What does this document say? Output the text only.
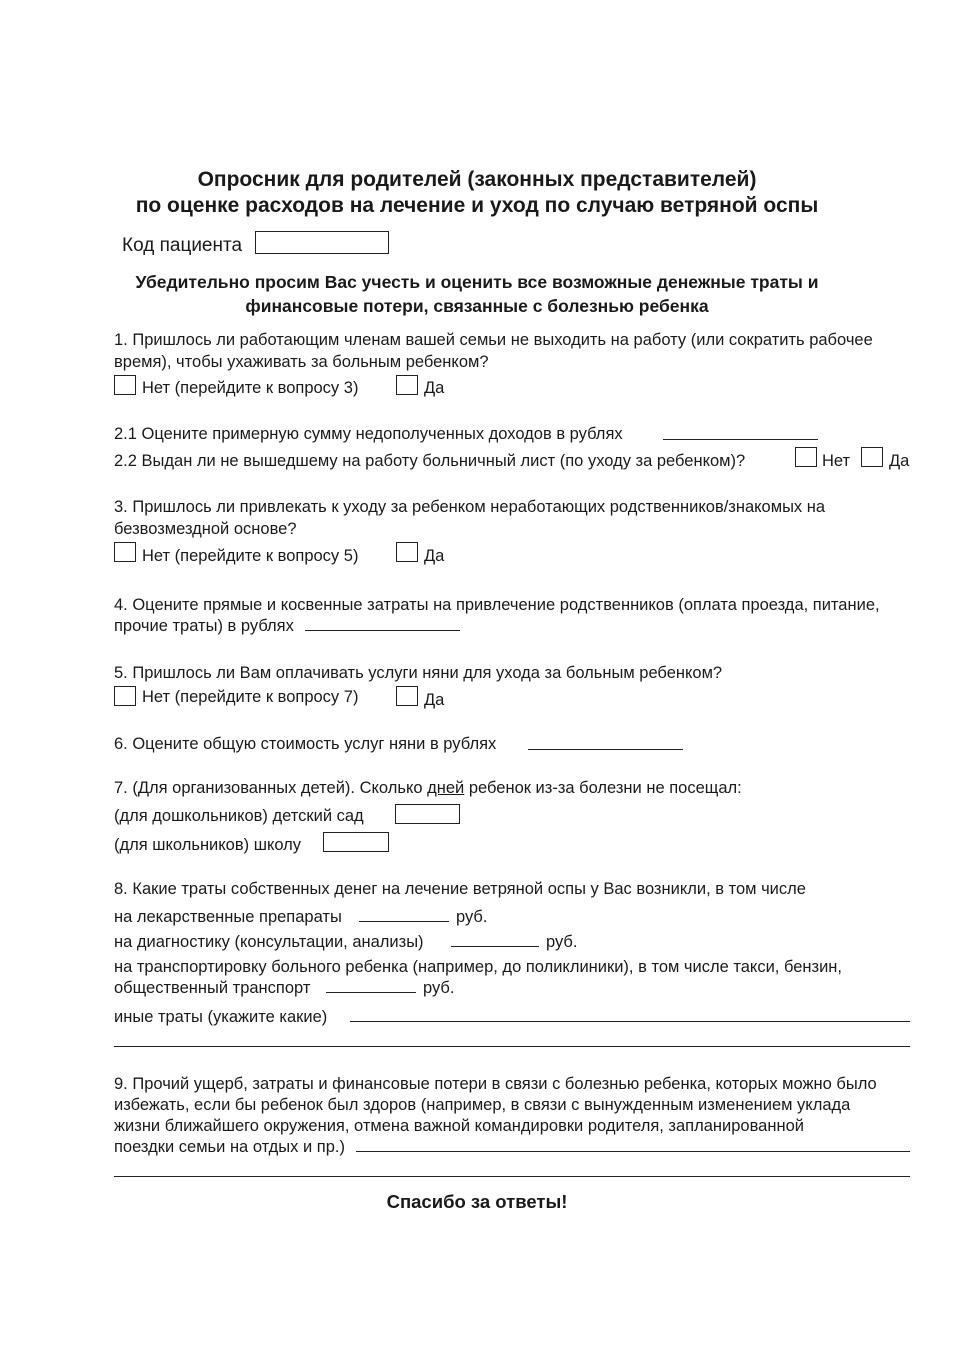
Опросник для родителей (законных представителей)
по оценке расходов на лечение и уход по случаю ветряной оспы
Код пациента
Убедительно просим Вас учесть и оценить все возможные денежные траты и
финансовые потери, связанные с болезнью ребенка
1. Пришлось ли работающим членам вашей семьи не выходить на работу (или сократить рабочее
время), чтобы ухаживать за больным ребенком?
Нет (перейдите к вопросу 3)	Да
2.1 Оцените примерную сумму недополученных доходов в рублях
2.2 Выдан ли не вышедшему на работу больничный лист (по уходу за ребенком)?	Нет Да
3. Пришлось ли привлекать к уходу за ребенком неработающих родственников/знакомых на
безвозмездной основе?
Нет (перейдите к вопросу 5)	Да
4. Оцените прямые и косвенные затраты на привлечение родственников (оплата проезда, питание,
прочие траты) в рублях
5. Пришлось ли Вам оплачивать услуги няни для ухода за больным ребенком?
Нет (перейдите к вопросу 7)	Да
6. Оцените общую стоимость услуг няни в рублях
7. (Для организованных детей). Сколько дней ребенок из-за болезни не посещал:
(для дошкольников) детский сад
(для школьников) школу
8. Какие траты собственных денег на лечение ветряной оспы у Вас возникли, в том числе
на лекарственные препараты	руб.
на диагностику (консультации, анализы)	руб.
на транспортировку больного ребенка (например, до поликлиники), в том числе такси, бензин,
общественный транспорт	руб.
иные траты (укажите какие)
9. Прочий ущерб, затраты и финансовые потери в связи с болезнью ребенка, которых можно было
избежать, если бы ребенок был здоров (например, в связи с вынужденным изменением уклада
жизни ближайшего окружения, отмена важной командировки родителя, запланированной
поездки семьи на отдых и пр.)
Спасибо за ответы!
